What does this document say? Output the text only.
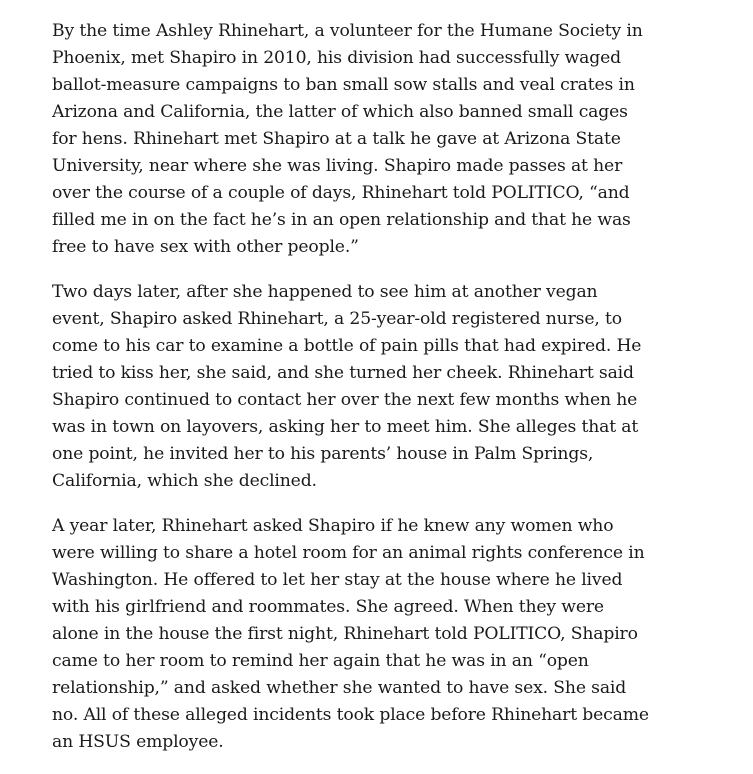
By the time Ashley Rhinehart, a volunteer for the Humane Society in Phoenix, met Shapiro in 2010, his division had successfully waged ballot-measure campaigns to ban small sow stalls and veal crates in Arizona and California, the latter of which also banned small cages for hens. Rhinehart met Shapiro at a talk he gave at Arizona State University, near where she was living. Shapiro made passes at her over the course of a couple of days, Rhinehart told POLITICO, “and filled me in on the fact he’s in an open relationship and that he was free to have sex with other people.”

Two days later, after she happened to see him at another vegan event, Shapiro asked Rhinehart, a 25-year-old registered nurse, to come to his car to examine a bottle of pain pills that had expired. He tried to kiss her, she said, and she turned her cheek. Rhinehart said Shapiro continued to contact her over the next few months when he was in town on layovers, asking her to meet him. She alleges that at one point, he invited her to his parents’ house in Palm Springs, California, which she declined.

A year later, Rhinehart asked Shapiro if he knew any women who were willing to share a hotel room for an animal rights conference in Washington. He offered to let her stay at the house where he lived with his girlfriend and roommates. She agreed. When they were alone in the house the first night, Rhinehart told POLITICO, Shapiro came to her room to remind her again that he was in an “open relationship,” and asked whether she wanted to have sex. She said no. All of these alleged incidents took place before Rhinehart became an HSUS employee.
